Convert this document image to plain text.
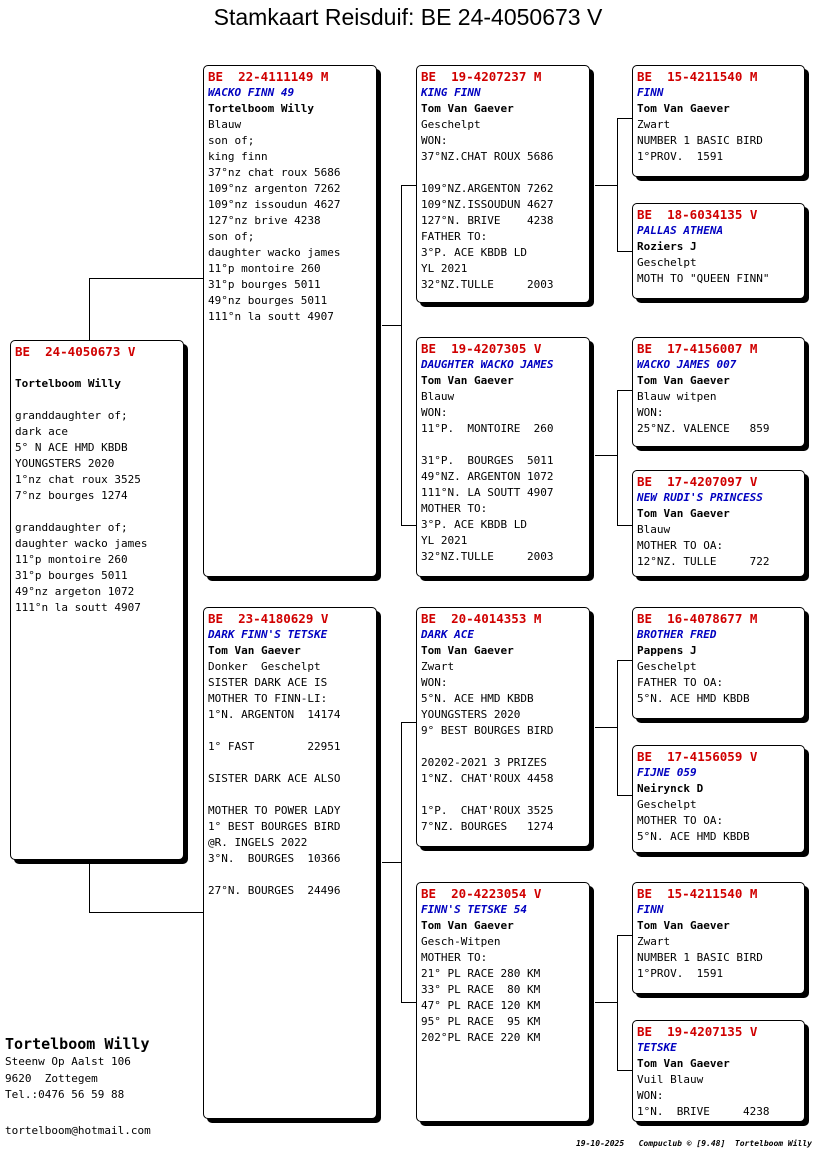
Stamkaart Reisduif: BE 24-4050673 V
BE  24-4050673 V
Tortelboom Willy
granddaughter of;
dark ace
5° N ACE HMD KBDB
YOUNGSTERS 2020
1°nz chat roux 3525
7°nz bourges 1274
granddaughter of;
daughter wacko james
11°p montoire 260
31°p bourges 5011
49°nz argeton 1072
111°n la soutt 4907
BE  22-4111149 M
WACKO FINN 49
Tortelboom Willy
Blauw
son of;
king finn
37°nz chat roux 5686
109°nz argenton 7262
109°nz issoudun 4627
127°nz brive 4238
son of;
daughter wacko james
11°p montoire 260
31°p bourges 5011
49°nz bourges 5011
111°n la soutt 4907
BE  23-4180629 V
DARK FINN'S TETSKE
Tom Van Gaever
Donker  Geschelpt
SISTER DARK ACE IS
MOTHER TO FINN-LI:
1°N. ARGENTON  14174
1° FAST        22951
SISTER DARK ACE ALSO
MOTHER TO POWER LADY
1° BEST BOURGES BIRD
@R. INGELS 2022
3°N.  BOURGES  10366
27°N. BOURGES  24496
BE  19-4207237 M
KING FINN
Tom Van Gaever
Geschelpt
WON:
37°NZ.CHAT ROUX 5686
109°NZ.ARGENTON 7262
109°NZ.ISSOUDUN 4627
127°N. BRIVE    4238
FATHER TO:
3°P. ACE KBDB LD
YL 2021
32°NZ.TULLE     2003
BE  19-4207305 V
DAUGHTER WACKO JAMES
Tom Van Gaever
Blauw
WON:
11°P.  MONTOIRE  260
31°P.  BOURGES  5011
49°NZ. ARGENTON 1072
111°N. LA SOUTT 4907
MOTHER TO:
3°P. ACE KBDB LD
YL 2021
32°NZ.TULLE     2003
BE  20-4014353 M
DARK ACE
Tom Van Gaever
Zwart
WON:
5°N. ACE HMD KBDB
YOUNGSTERS 2020
9° BEST BOURGES BIRD
20202-2021 3 PRIZES
1°NZ. CHAT'ROUX 4458
1°P.  CHAT'ROUX 3525
7°NZ. BOURGES   1274
BE  20-4223054 V
FINN'S TETSKE 54
Tom Van Gaever
Gesch-Witpen
MOTHER TO:
21° PL RACE 280 KM
33° PL RACE  80 KM
47° PL RACE 120 KM
95° PL RACE  95 KM
202°PL RACE 220 KM
BE  15-4211540 M
FINN
Tom Van Gaever
Zwart
NUMBER 1 BASIC BIRD
1°PROV.  1591
BE  18-6034135 V
PALLAS ATHENA
Roziers J
Geschelpt
MOTH TO "QUEEN FINN"
BE  17-4156007 M
WACKO JAMES 007
Tom Van Gaever
Blauw witpen
WON:
25°NZ. VALENCE   859
BE  17-4207097 V
NEW RUDI'S PRINCESS
Tom Van Gaever
Blauw
MOTHER TO OA:
12°NZ. TULLE     722
BE  16-4078677 M
BROTHER FRED
Pappens J
Geschelpt
FATHER TO OA:
5°N. ACE HMD KBDB
BE  17-4156059 V
FIJNE 059
Neirynck D
Geschelpt
MOTHER TO OA:
5°N. ACE HMD KBDB
BE  15-4211540 M
FINN
Tom Van Gaever
Zwart
NUMBER 1 BASIC BIRD
1°PROV.  1591
BE  19-4207135 V
TETSKE
Tom Van Gaever
Vuil Blauw
WON:
1°N.  BRIVE     4238
Tortelboom Willy
Steenw Op Aalst 106
9620  Zottegem
Tel.:0476 56 59 88
tortelboom@hotmail.com
19-10-2025   Compuclub © [9.48]  Tortelboom Willy
